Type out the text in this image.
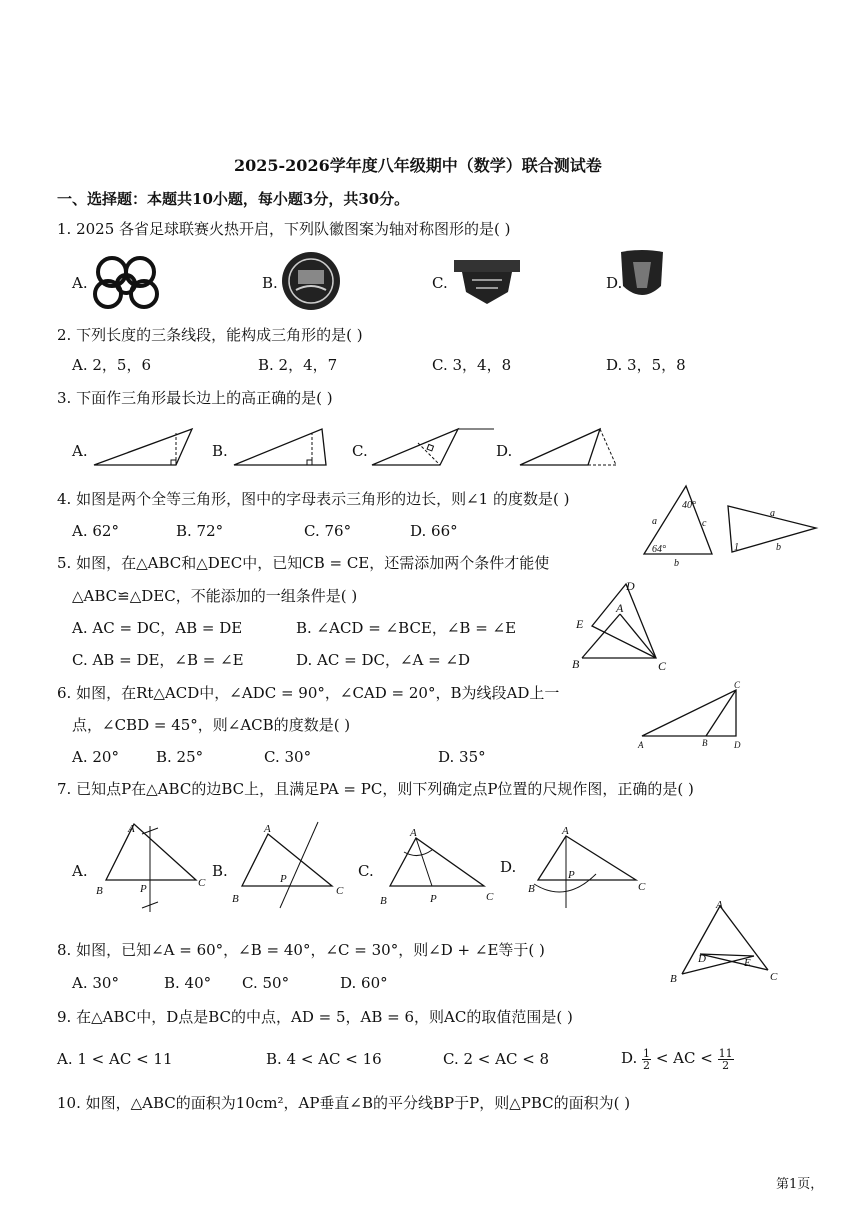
2025-2026学年度八年级期中（数学）联合测试卷
一、选择题：本题共10小题，每小题3分，共30分。
1. 2025 各省足球联赛火热开启，下列队徽图案为轴对称图形的是( )
A.	B.	C.	D.
2. 下列长度的三条线段，能构成三角形的是( )
A. 2，5，6	B. 2，4，7	C. 3，4，8	D. 3，5，8
3. 下面作三角形最长边上的高正确的是( )
A.	B.	C.	D.
4. 如图是两个全等三角形，图中的字母表示三角形的边长，则∠1 的度数是( )
A. 62°	B. 72°	C. 76°	D. 66°
a	c
b
40°
64°
a
b
1
5. 如图，在△ABC和△DEC中，已知CB = CE，还需添加两个条件才能使
△ABC≌△DEC，不能添加的一组条件是( )
A. AC = DC，AB = DE	B. ∠ACD = ∠BCE，∠B = ∠E
C. AB = DE，∠B = ∠E	D. AC = DC，∠A = ∠D	B	C
D
E
A
6. 如图，在Rt△ACD中，∠ADC = 90°，∠CAD = 20°，B为线段AD上一
点，∠CBD = 45°，则∠ACB的度数是( )
A. 20° B. 25°	C. 30°	D. 35°
A	B
C
D
7. 已知点P在△ABC的边BC上，且满足PA = PC，则下列确定点P位置的尺规作图，正确的是( )
A.	B.	C.	D.
B
A
C
P
B
A
C
P
B
A
C
P
B
A
C
P
8. 如图，已知∠A = 60°，∠B = 40°，∠C = 30°，则∠D + ∠E等于( )
A. 30°	B. 40° C. 50°	D. 60°
A
B	C
D	E
9. 在△ABC中，D点是BC的中点，AD = 5，AB = 6，则AC的取值范围是( )
A. 1 < AC < 11	B. 4 < AC < 16	C. 2 < AC < 8	D. $\frac{1}{2}$ < AC < $\frac{11}{2}$
10. 如图，△ABC的面积为10cm²，AP垂直∠B的平分线BP于P，则△PBC的面积为( )
第1页，
